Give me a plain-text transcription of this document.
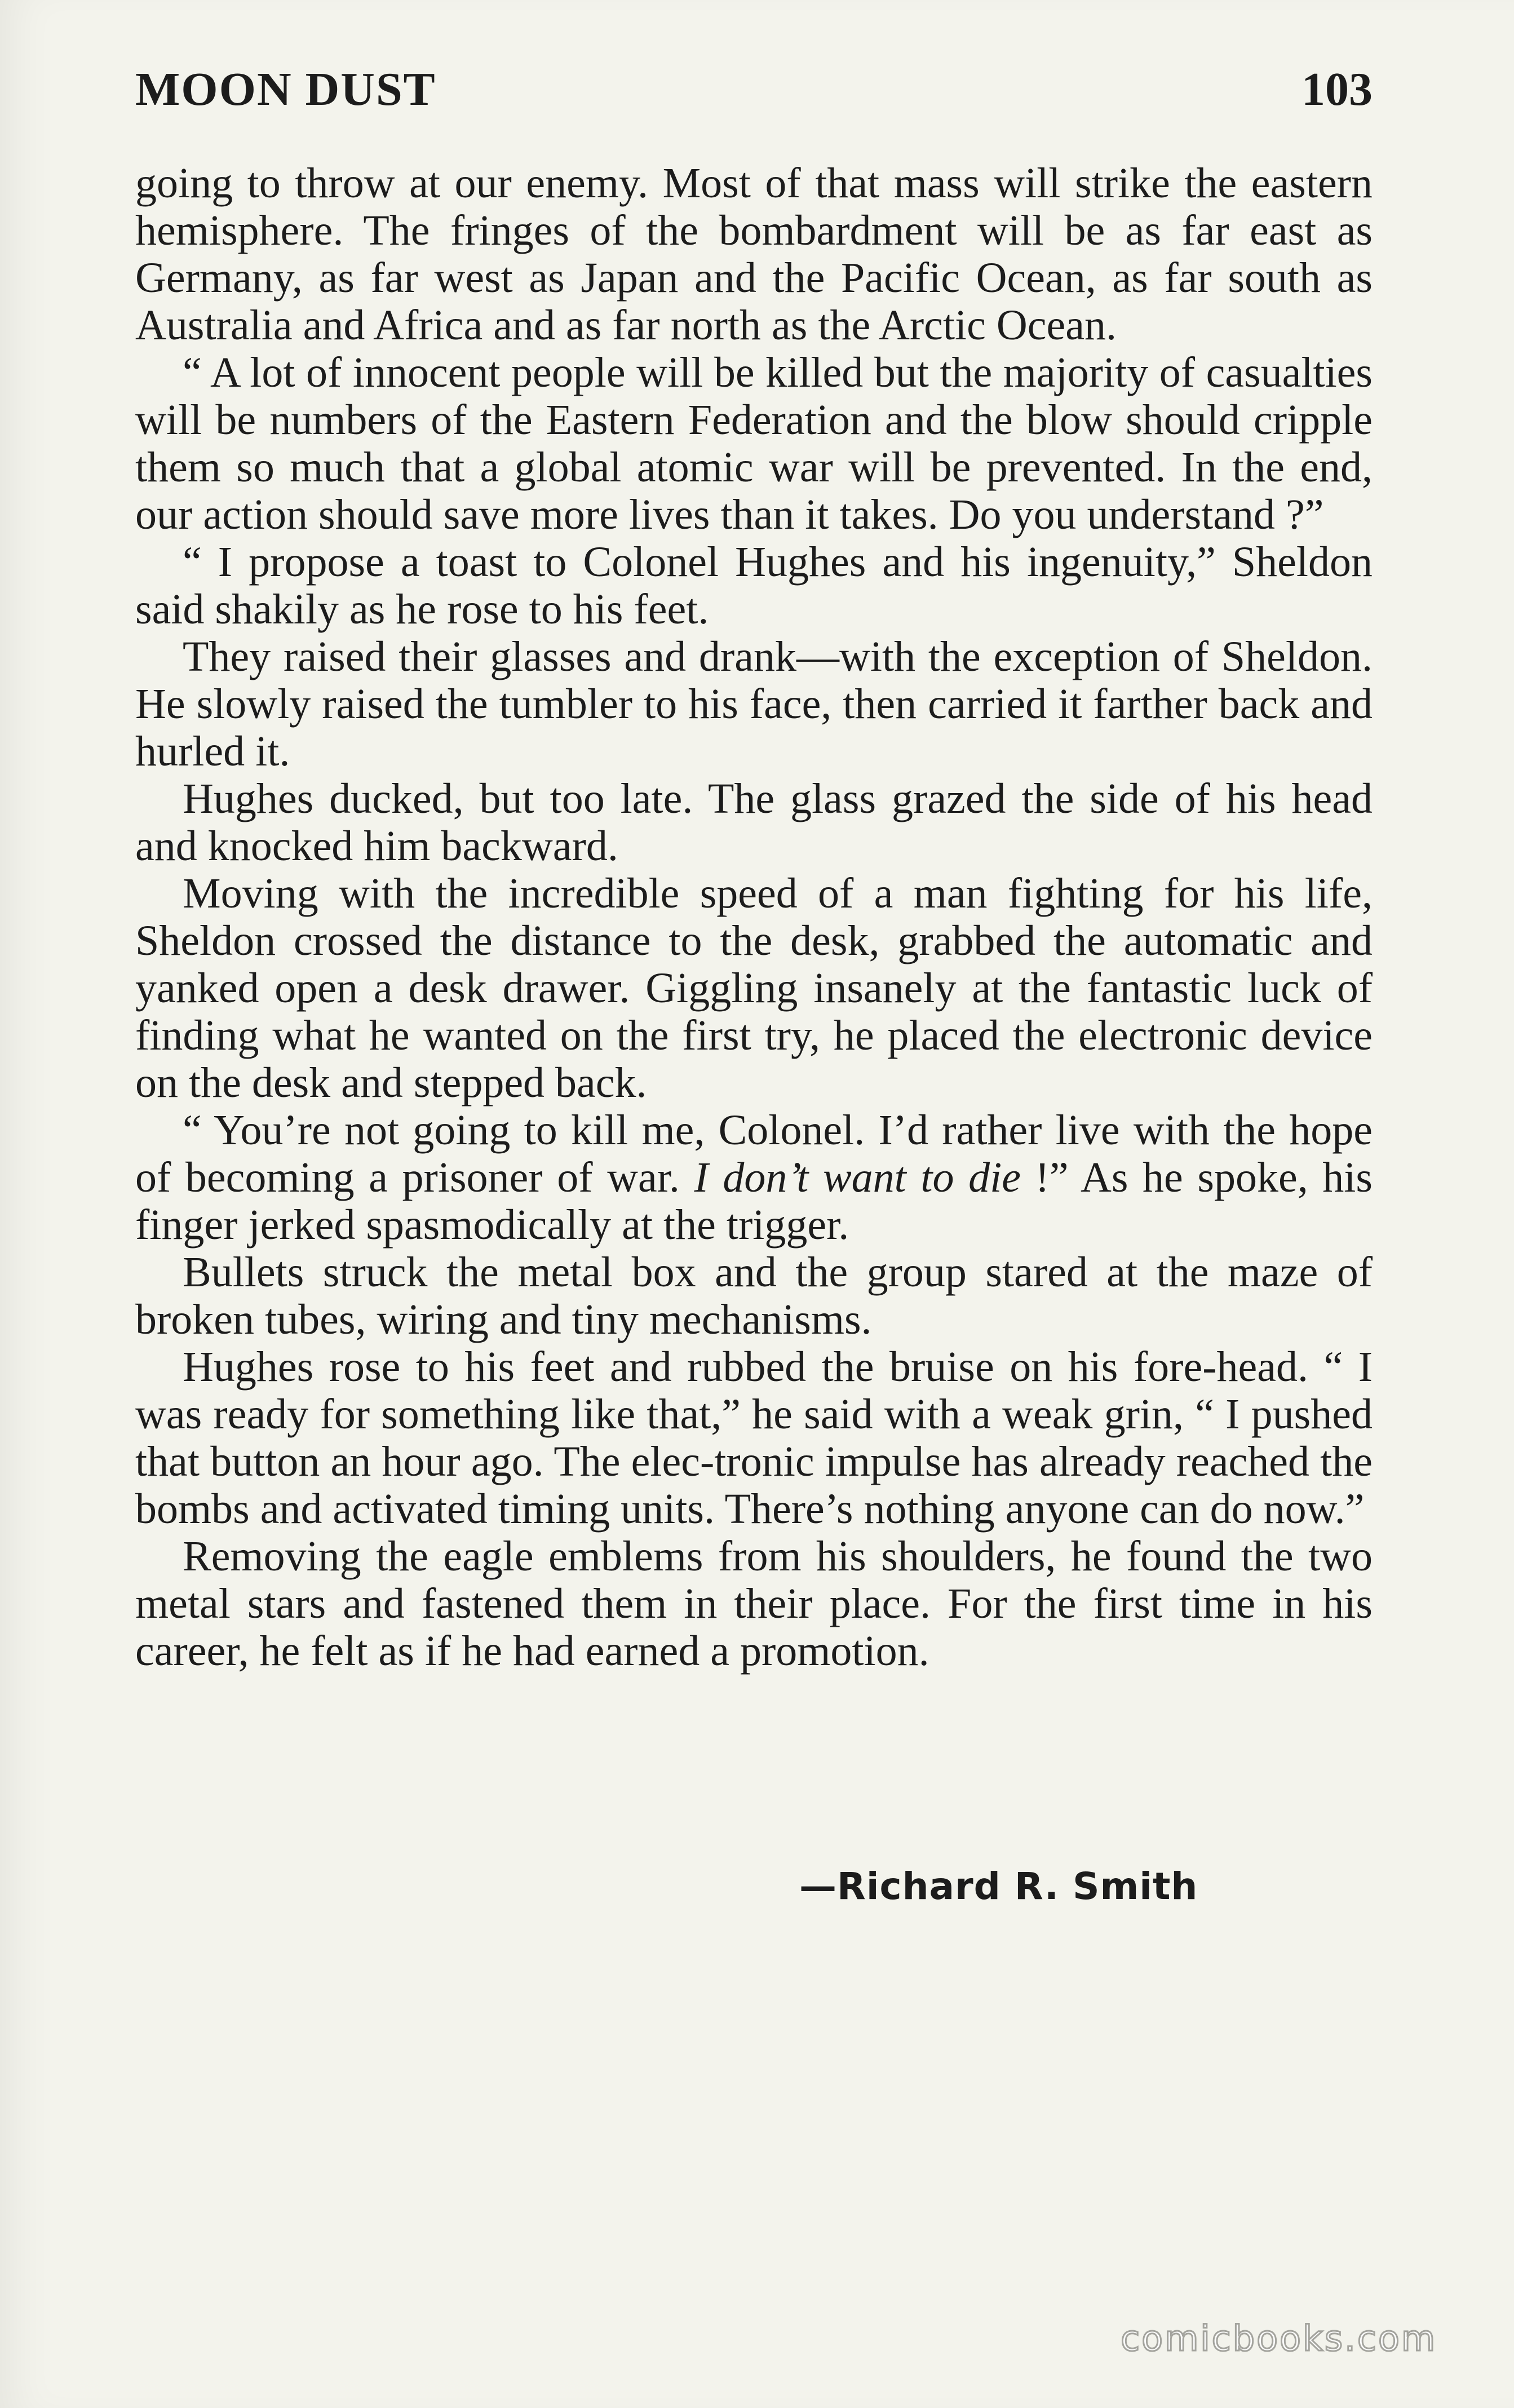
MOON DUST	103

going to throw at our enemy. Most of that mass will strike the eastern hemisphere. The fringes of the bombardment will be as far east as Germany, as far west as Japan and the Pacific Ocean, as far south as Australia and Africa and as far north as the Arctic Ocean.

“ A lot of innocent people will be killed but the majority of casualties will be numbers of the Eastern Federation and the blow should cripple them so much that a global atomic war will be prevented. In the end, our action should save more lives than it takes. Do you understand ?”

“ I propose a toast to Colonel Hughes and his ingenuity,” Sheldon said shakily as he rose to his feet.

They raised their glasses and drank—with the exception of Sheldon. He slowly raised the tumbler to his face, then carried it farther back and hurled it.

Hughes ducked, but too late. The glass grazed the side of his head and knocked him backward.

Moving with the incredible speed of a man fighting for his life, Sheldon crossed the distance to the desk, grabbed the automatic and yanked open a desk drawer. Giggling insanely at the fantastic luck of finding what he wanted on the first try, he placed the electronic device on the desk and stepped back.

“ You’re not going to kill me, Colonel. I’d rather live with the hope of becoming a prisoner of war. I don’t want to die !” As he spoke, his finger jerked spasmodically at the trigger.

Bullets struck the metal box and the group stared at the maze of broken tubes, wiring and tiny mechanisms.

Hughes rose to his feet and rubbed the bruise on his fore-head. “ I was ready for something like that,” he said with a weak grin, “ I pushed that button an hour ago. The elec-tronic impulse has already reached the bombs and activated timing units. There’s nothing anyone can do now.”

Removing the eagle emblems from his shoulders, he found the two metal stars and fastened them in their place. For the first time in his career, he felt as if he had earned a promotion.

—Richard R. Smith
comicbooks.com
